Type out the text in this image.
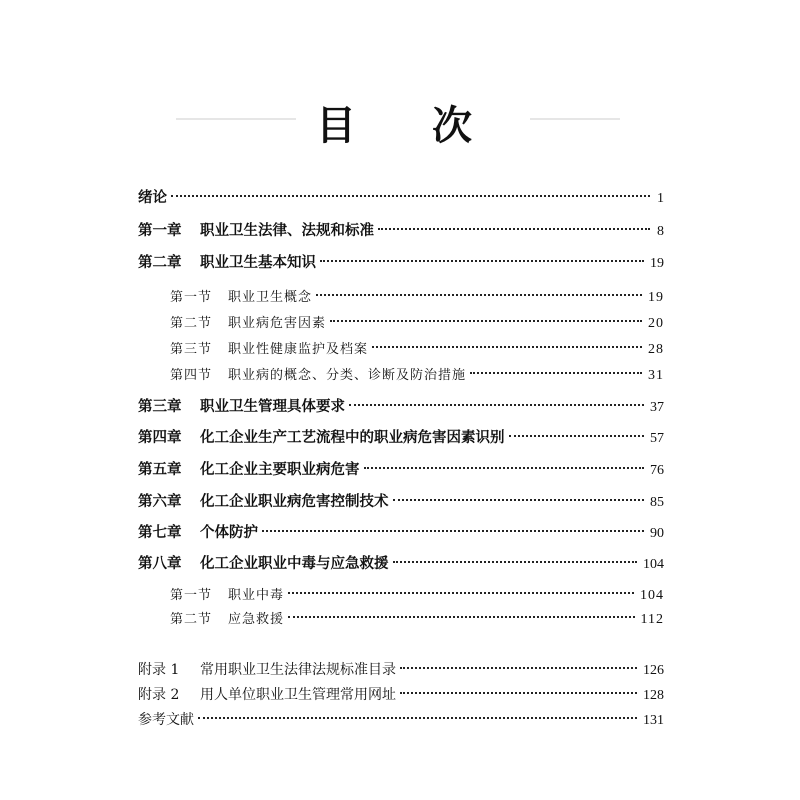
目 次
绪论	1
第一章	职业卫生法律、法规和标准	8
第二章	职业卫生基本知识	19
第一节	职业卫生概念	19
第二节	职业病危害因素	20
第三节	职业性健康监护及档案	28
第四节	职业病的概念、分类、诊断及防治措施	31
第三章	职业卫生管理具体要求	37
第四章	化工企业生产工艺流程中的职业病危害因素识别	57
第五章	化工企业主要职业病危害	76
第六章	化工企业职业病危害控制技术	85
第七章	个体防护	90
第八章	化工企业职业中毒与应急救援	104
第一节	职业中毒	104
第二节	应急救援	112
附录 1	常用职业卫生法律法规标准目录	126
附录 2	用人单位职业卫生管理常用网址	128
参考文献	131
